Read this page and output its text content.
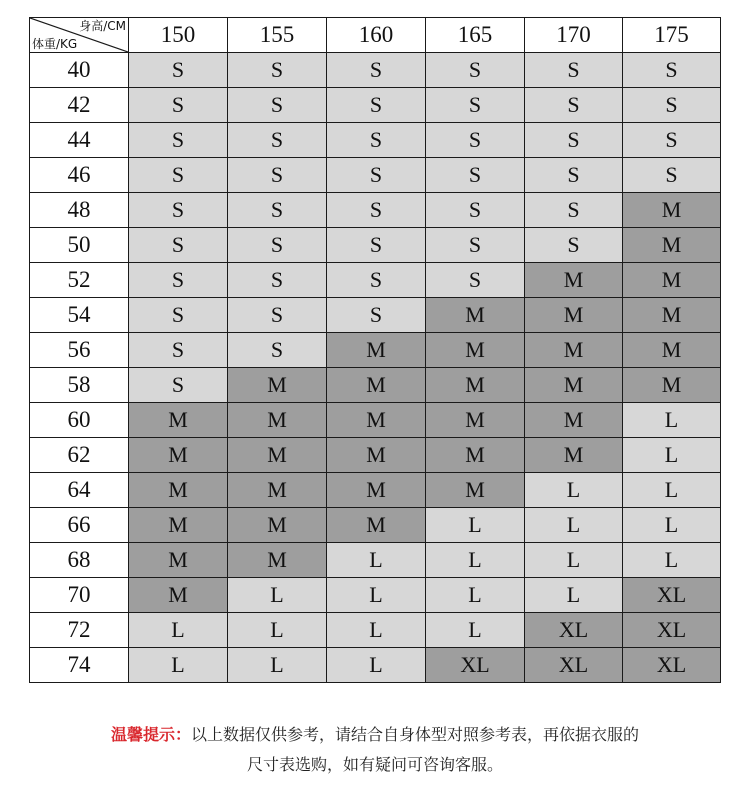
身高/CM
体重/KG	150	155	160	165	170	175
40	S	S	S	S	S	S
42	S	S	S	S	S	S
44	S	S	S	S	S	S
46	S	S	S	S	S	S
48	S	S	S	S	S	M
50	S	S	S	S	S	M
52	S	S	S	S	M	M
54	S	S	S	M	M	M
56	S	S	M	M	M	M
58	S	M	M	M	M	M
60	M	M	M	M	M	L
62	M	M	M	M	M	L
64	M	M	M	M	L	L
66	M	M	M	L	L	L
68	M	M	L	L	L	L
70	M	L	L	L	L	XL
72	L	L	L	L	XL	XL
74	L	L	L	XL	XL	XL
温馨提示：以上数据仅供参考，请结合自身体型对照参考表，再依据衣服的
尺寸表选购，如有疑问可咨询客服。
